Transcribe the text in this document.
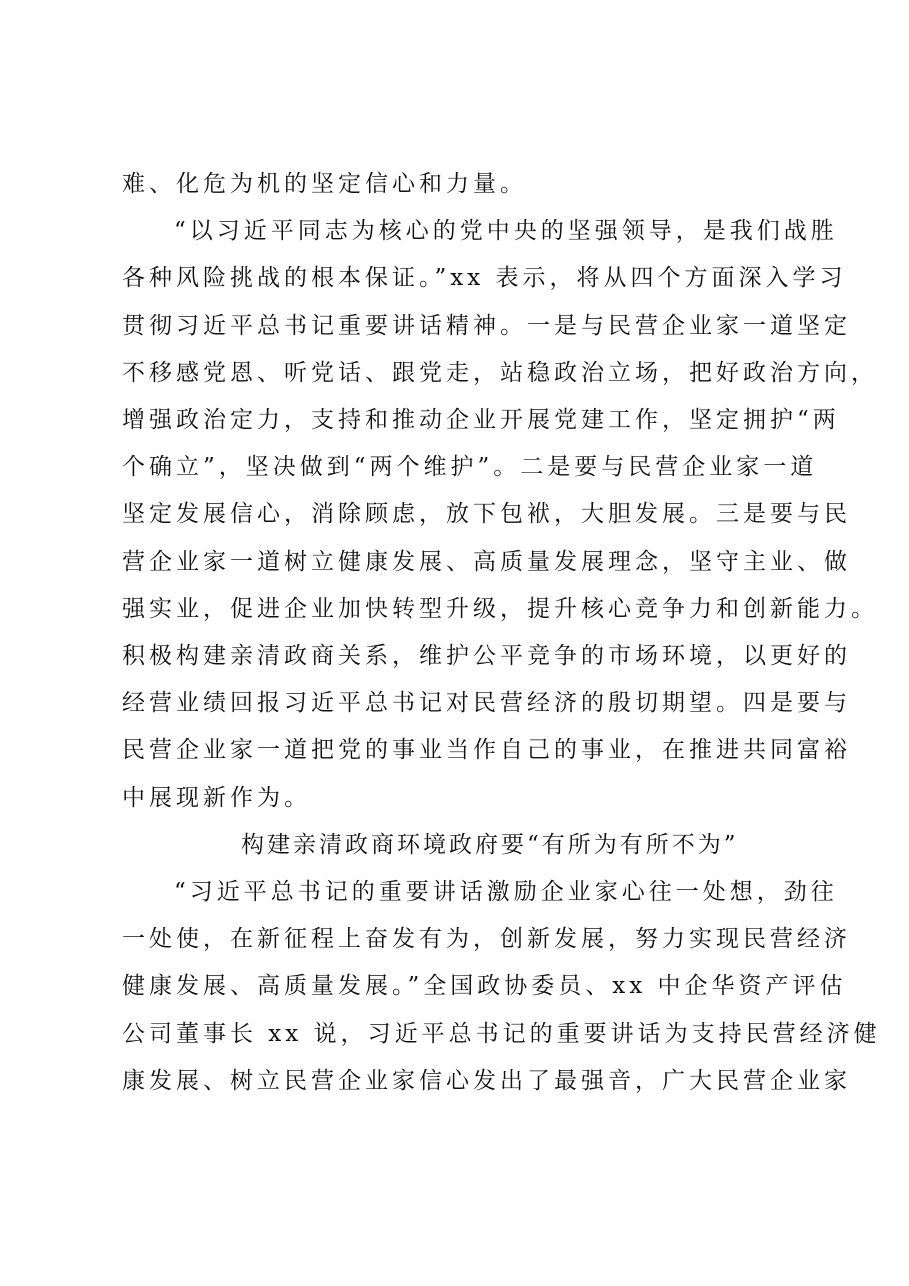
难、化危为机的坚定信心和力量。
“以习近平同志为核心的党中央的坚强领导，是我们战胜
各种风险挑战的根本保证。”xx 表示，将从四个方面深入学习
贯彻习近平总书记重要讲话精神。一是与民营企业家一道坚定
不移感党恩、听党话、跟党走，站稳政治立场，把好政治方向，
增强政治定力，支持和推动企业开展党建工作，坚定拥护“两
个确立”，坚决做到“两个维护”。二是要与民营企业家一道
坚定发展信心，消除顾虑，放下包袱，大胆发展。三是要与民
营企业家一道树立健康发展、高质量发展理念，坚守主业、做
强实业，促进企业加快转型升级，提升核心竞争力和创新能力。
积极构建亲清政商关系，维护公平竞争的市场环境，以更好的
经营业绩回报习近平总书记对民营经济的殷切期望。四是要与
民营企业家一道把党的事业当作自己的事业，在推进共同富裕
中展现新作为。
构建亲清政商环境政府要“有所为有所不为”
“习近平总书记的重要讲话激励企业家心往一处想，劲往
一处使，在新征程上奋发有为，创新发展，努力实现民营经济
健康发展、高质量发展。”全国政协委员、xx 中企华资产评估
公司董事长 xx 说，习近平总书记的重要讲话为支持民营经济健
康发展、树立民营企业家信心发出了最强音，广大民营企业家
